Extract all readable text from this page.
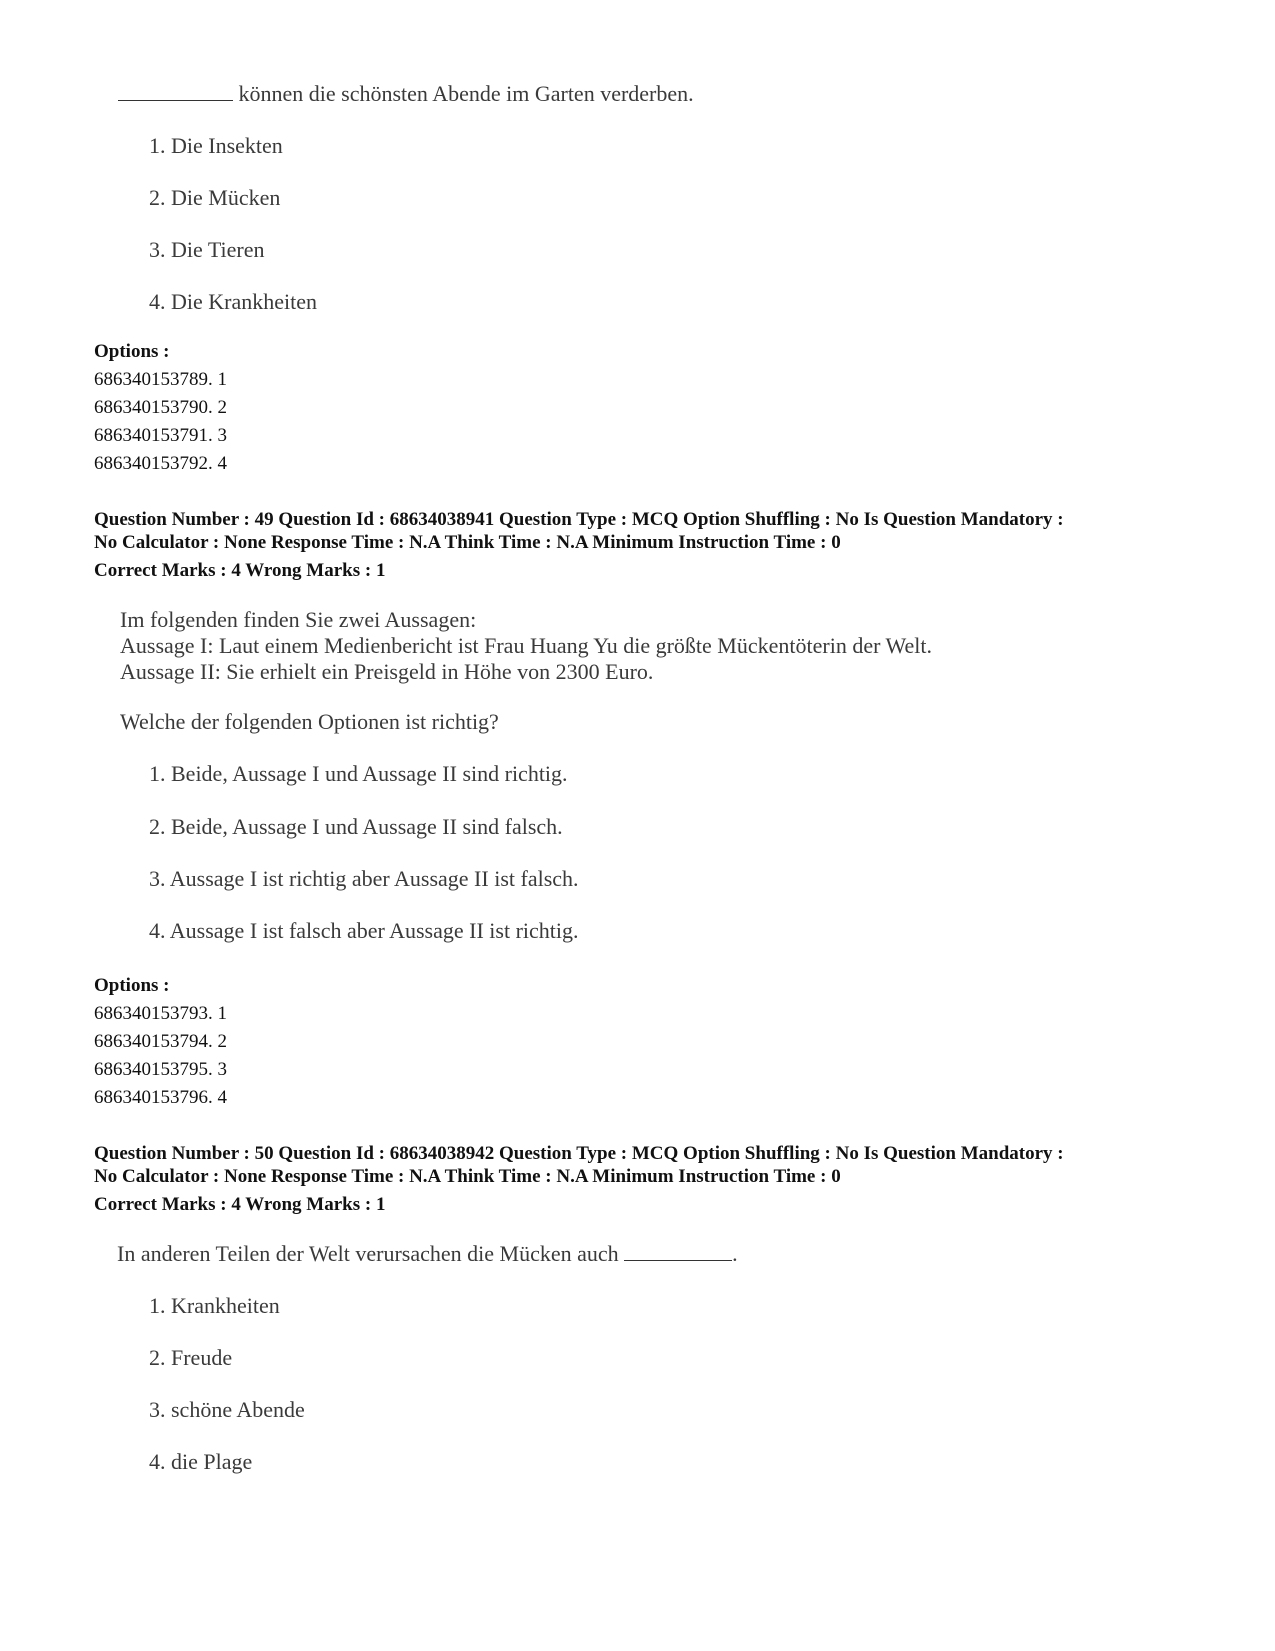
können die schönsten Abende im Garten verderben.
1. Die Insekten
2. Die Mücken
3. Die Tieren
4. Die Krankheiten
Options :
686340153789. 1
686340153790. 2
686340153791. 3
686340153792. 4
Question Number : 49 Question Id : 68634038941 Question Type : MCQ Option Shuffling : No Is Question Mandatory :
No Calculator : None Response Time : N.A Think Time : N.A Minimum Instruction Time : 0
Correct Marks : 4 Wrong Marks : 1
Im folgenden finden Sie zwei Aussagen:
Aussage I: Laut einem Medienbericht ist Frau Huang Yu die größte Mückentöterin der Welt.
Aussage II: Sie erhielt ein Preisgeld in Höhe von 2300 Euro.
Welche der folgenden Optionen ist richtig?
1. Beide, Aussage I und Aussage II sind richtig.
2. Beide, Aussage I und Aussage II sind falsch.
3. Aussage I ist richtig aber Aussage II ist falsch.
4. Aussage I ist falsch aber Aussage II ist richtig.
Options :
686340153793. 1
686340153794. 2
686340153795. 3
686340153796. 4
Question Number : 50 Question Id : 68634038942 Question Type : MCQ Option Shuffling : No Is Question Mandatory :
No Calculator : None Response Time : N.A Think Time : N.A Minimum Instruction Time : 0
Correct Marks : 4 Wrong Marks : 1
In anderen Teilen der Welt verursachen die Mücken auch	.
1. Krankheiten
2. Freude
3. schöne Abende
4. die Plage
